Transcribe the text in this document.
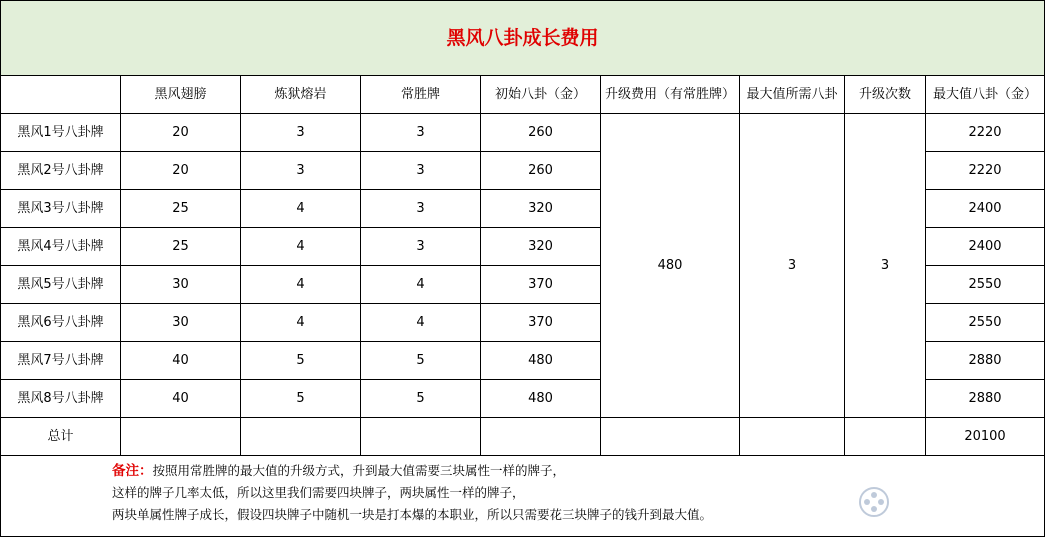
黑风八卦成长费用								
	黑风翅膀	炼狱熔岩	常胜牌	初始八卦（金）	升级费用（有常胜牌）	最大值所需八卦	升级次数	最大值八卦（金）
黑风1号八卦牌	20	3	3	260	480	3	3	2220
黑风2号八卦牌	20	3	3	260				2220
黑风3号八卦牌	25	4	3	320				2400
黑风4号八卦牌	25	4	3	320				2400
黑风5号八卦牌	30	4	4	370				2550
黑风6号八卦牌	30	4	4	370				2550
黑风7号八卦牌	40	5	5	480				2880
黑风8号八卦牌	40	5	5	480				2880
总计								20100

备注：按照用常胜牌的最大值的升级方式，升到最大值需要三块属性一样的牌子，
这样的牌子几率太低，所以这里我们需要四块牌子，两块属性一样的牌子，
两块单属性牌子成长，假设四块牌子中随机一块是打本爆的本职业，所以只需要花三块牌子的钱升到最大值。								
